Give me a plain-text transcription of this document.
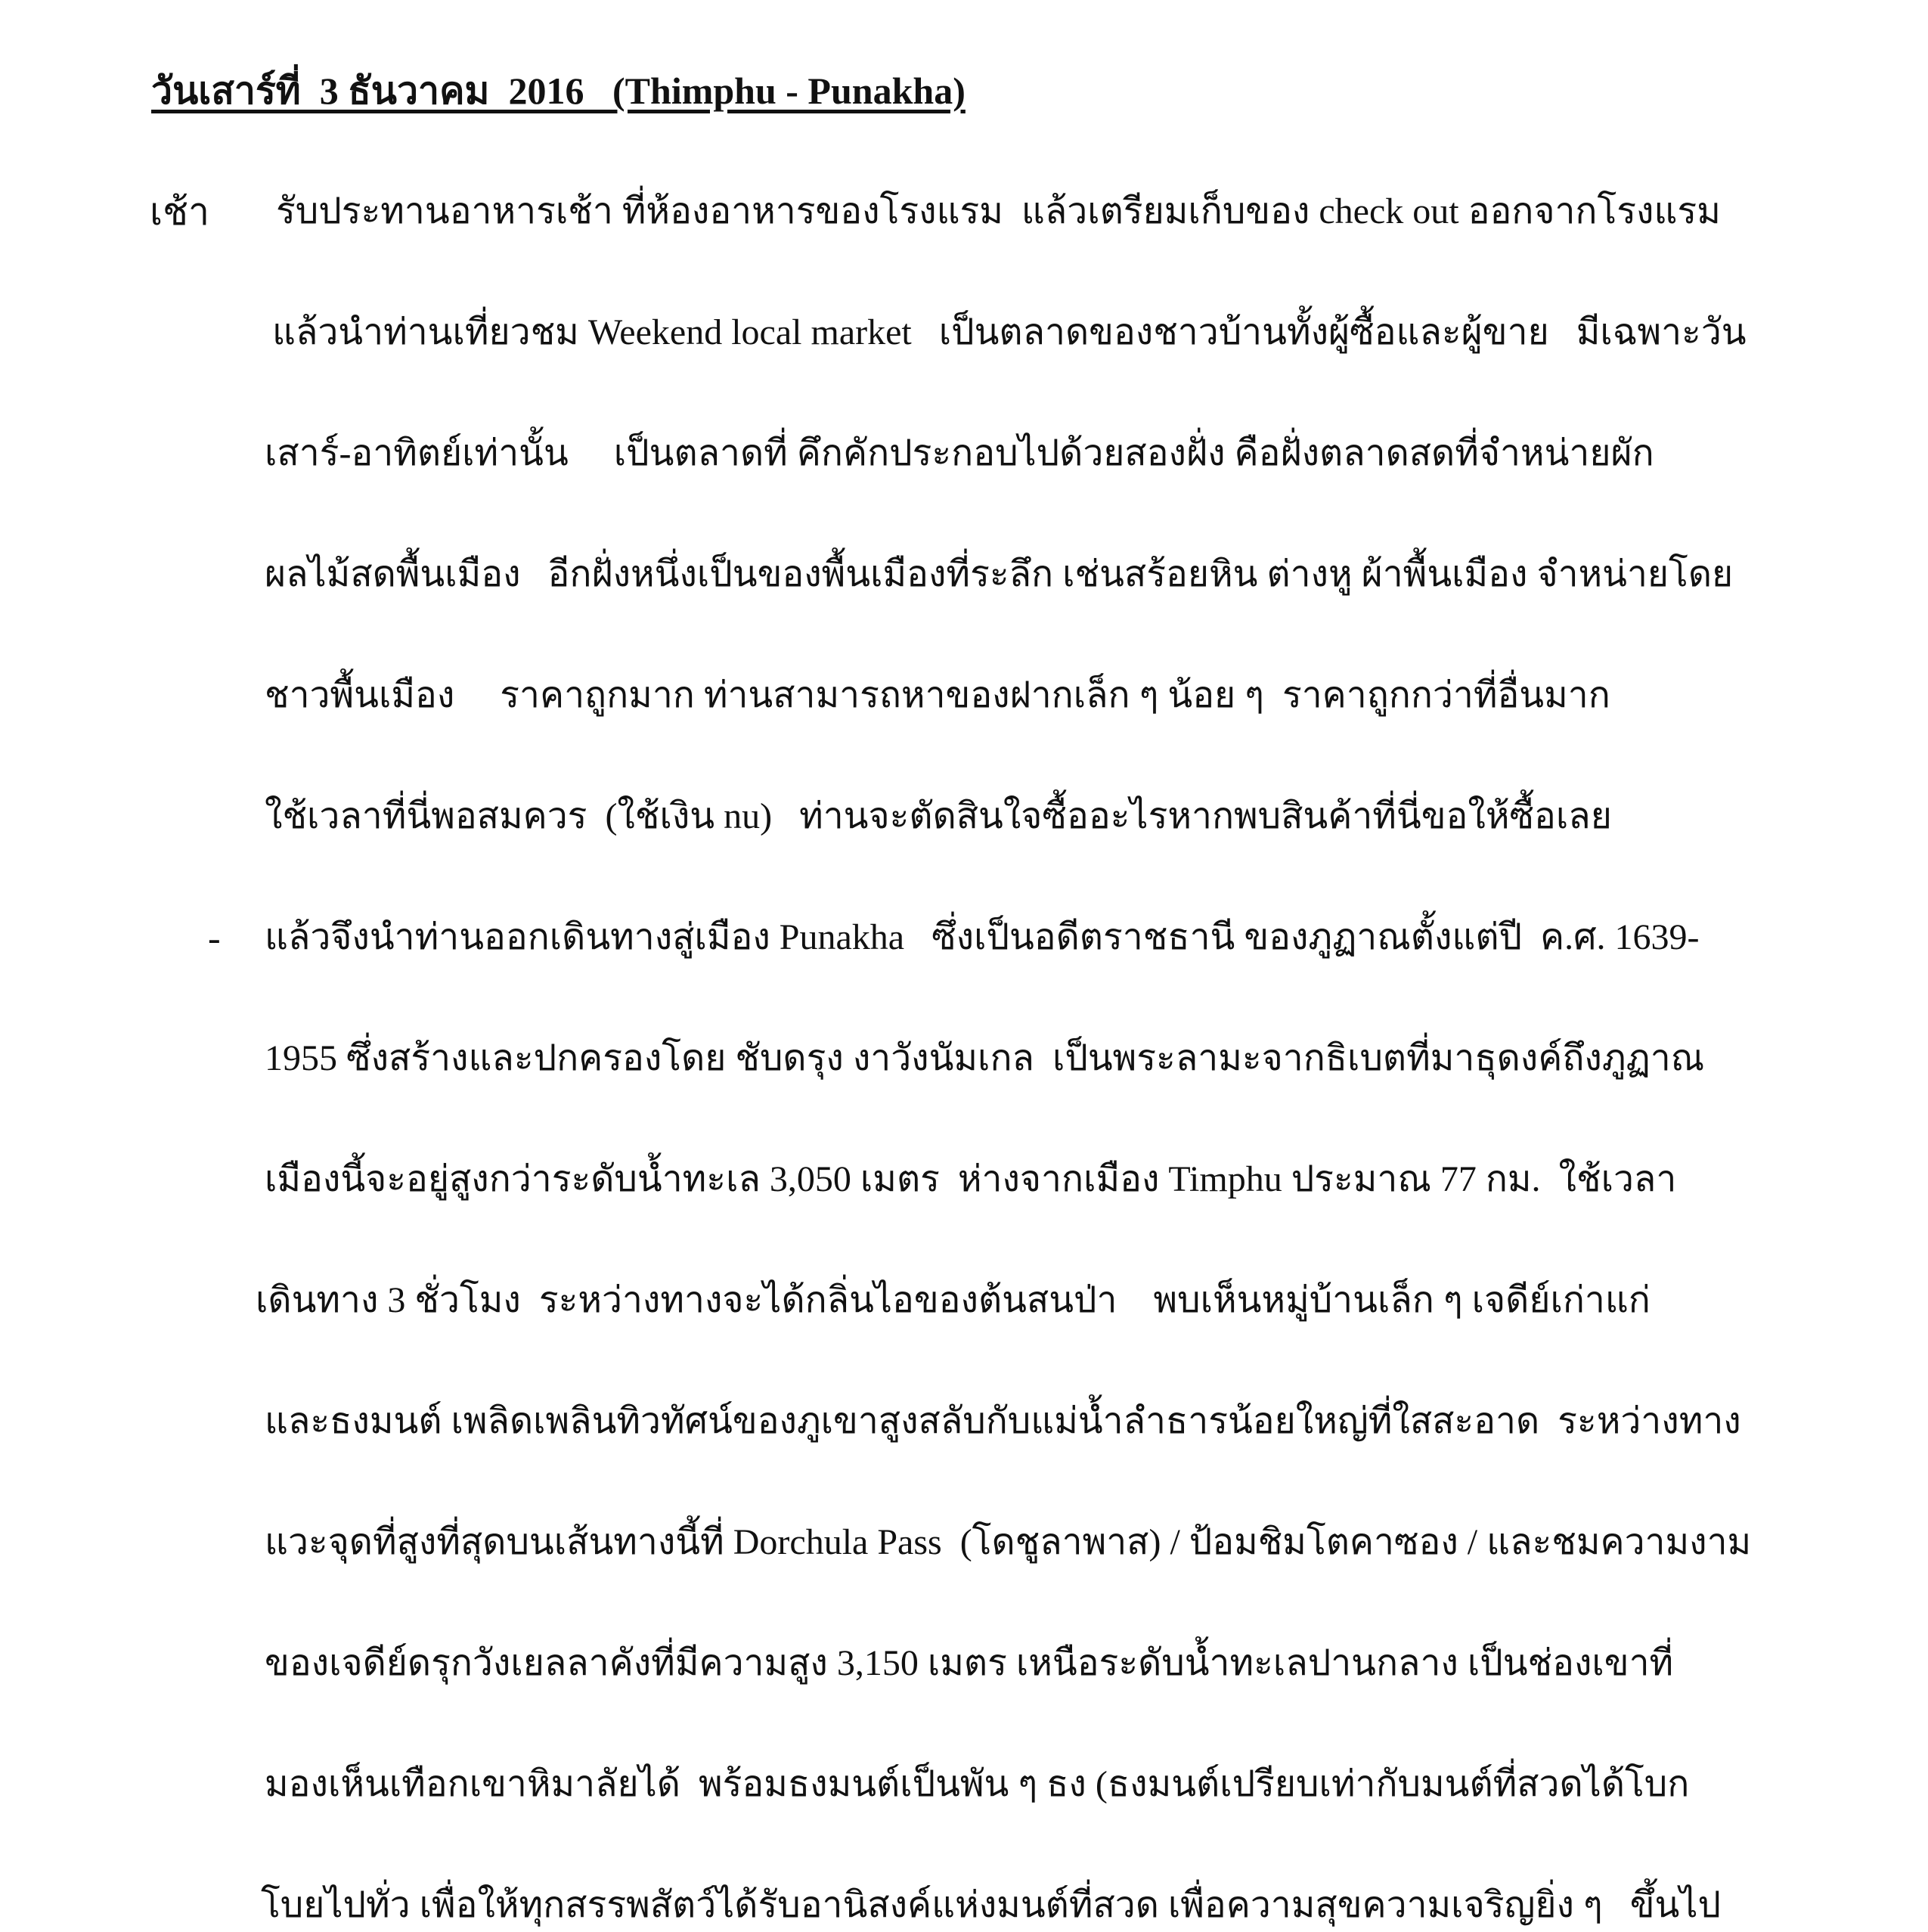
วันเสาร์ที่  3 ธันวาคม  2016   (Thimphu - Punakha)
เช้า รับประทานอาหารเช้า ที่ห้องอาหารของโรงแรม  แล้วเตรียมเก็บของ check out ออกจากโรงแรม
แล้วนำท่านเที่ยวชม Weekend local market   เป็นตลาดของชาวบ้านทั้งผู้ซื้อและผู้ขาย   มีเฉพาะวัน
เสาร์-อาทิตย์เท่านั้น     เป็นตลาดที่ คึกคักประกอบไปด้วยสองฝั่ง คือฝั่งตลาดสดที่จำหน่ายผัก
ผลไม้สดพื้นเมือง   อีกฝั่งหนึ่งเป็นของพื้นเมืองที่ระลึก เช่นสร้อยหิน ต่างหู ผ้าพื้นเมือง จำหน่ายโดย
ชาวพื้นเมือง     ราคาถูกมาก ท่านสามารถหาของฝากเล็ก ๆ น้อย ๆ  ราคาถูกกว่าที่อื่นมาก
ใช้เวลาที่นี่พอสมควร  (ใช้เงิน nu)   ท่านจะตัดสินใจซื้ออะไรหากพบสินค้าที่นี่ขอให้ซื้อเลย
- แล้วจึงนำท่านออกเดินทางสู่เมือง Punakha   ซึ่งเป็นอดีตราชธานี ของภูฏาณตั้งแต่ปี  ค.ศ. 1639-
1955 ซึ่งสร้างและปกครองโดย ชับดรุง งาวังนัมเกล  เป็นพระลามะจากธิเบตที่มาธุดงค์ถึงภูฏาณ
เมืองนี้จะอยู่สูงกว่าระดับน้ำทะเล 3,050 เมตร  ห่างจากเมือง Timphu ประมาณ 77 กม.  ใช้เวลา
เดินทาง 3 ชั่วโมง  ระหว่างทางจะได้กลิ่นไอของต้นสนป่า    พบเห็นหมู่บ้านเล็ก ๆ เจดีย์เก่าแก่
และธงมนต์ เพลิดเพลินทิวทัศน์ของภูเขาสูงสลับกับแม่น้ำลำธารน้อยใหญ่ที่ใสสะอาด  ระหว่างทาง
แวะจุดที่สูงที่สุดบนเส้นทางนี้ที่ Dorchula Pass  (โดชูลาพาส) / ป้อมชิมโตคาซอง / และชมความงาม
ของเจดีย์ดรุกวังเยลลาคังที่มีความสูง 3,150 เมตร เหนือระดับน้ำทะเลปานกลาง เป็นช่องเขาที่
มองเห็นเทือกเขาหิมาลัยได้  พร้อมธงมนต์เป็นพัน ๆ ธง (ธงมนต์เปรียบเท่ากับมนต์ที่สวดได้โบก
โบยไปทั่ว เพื่อให้ทุกสรรพสัตว์ได้รับอานิสงค์แห่งมนต์ที่สวด เพื่อความสุขความเจริญยิ่ง ๆ   ขึ้นไป
